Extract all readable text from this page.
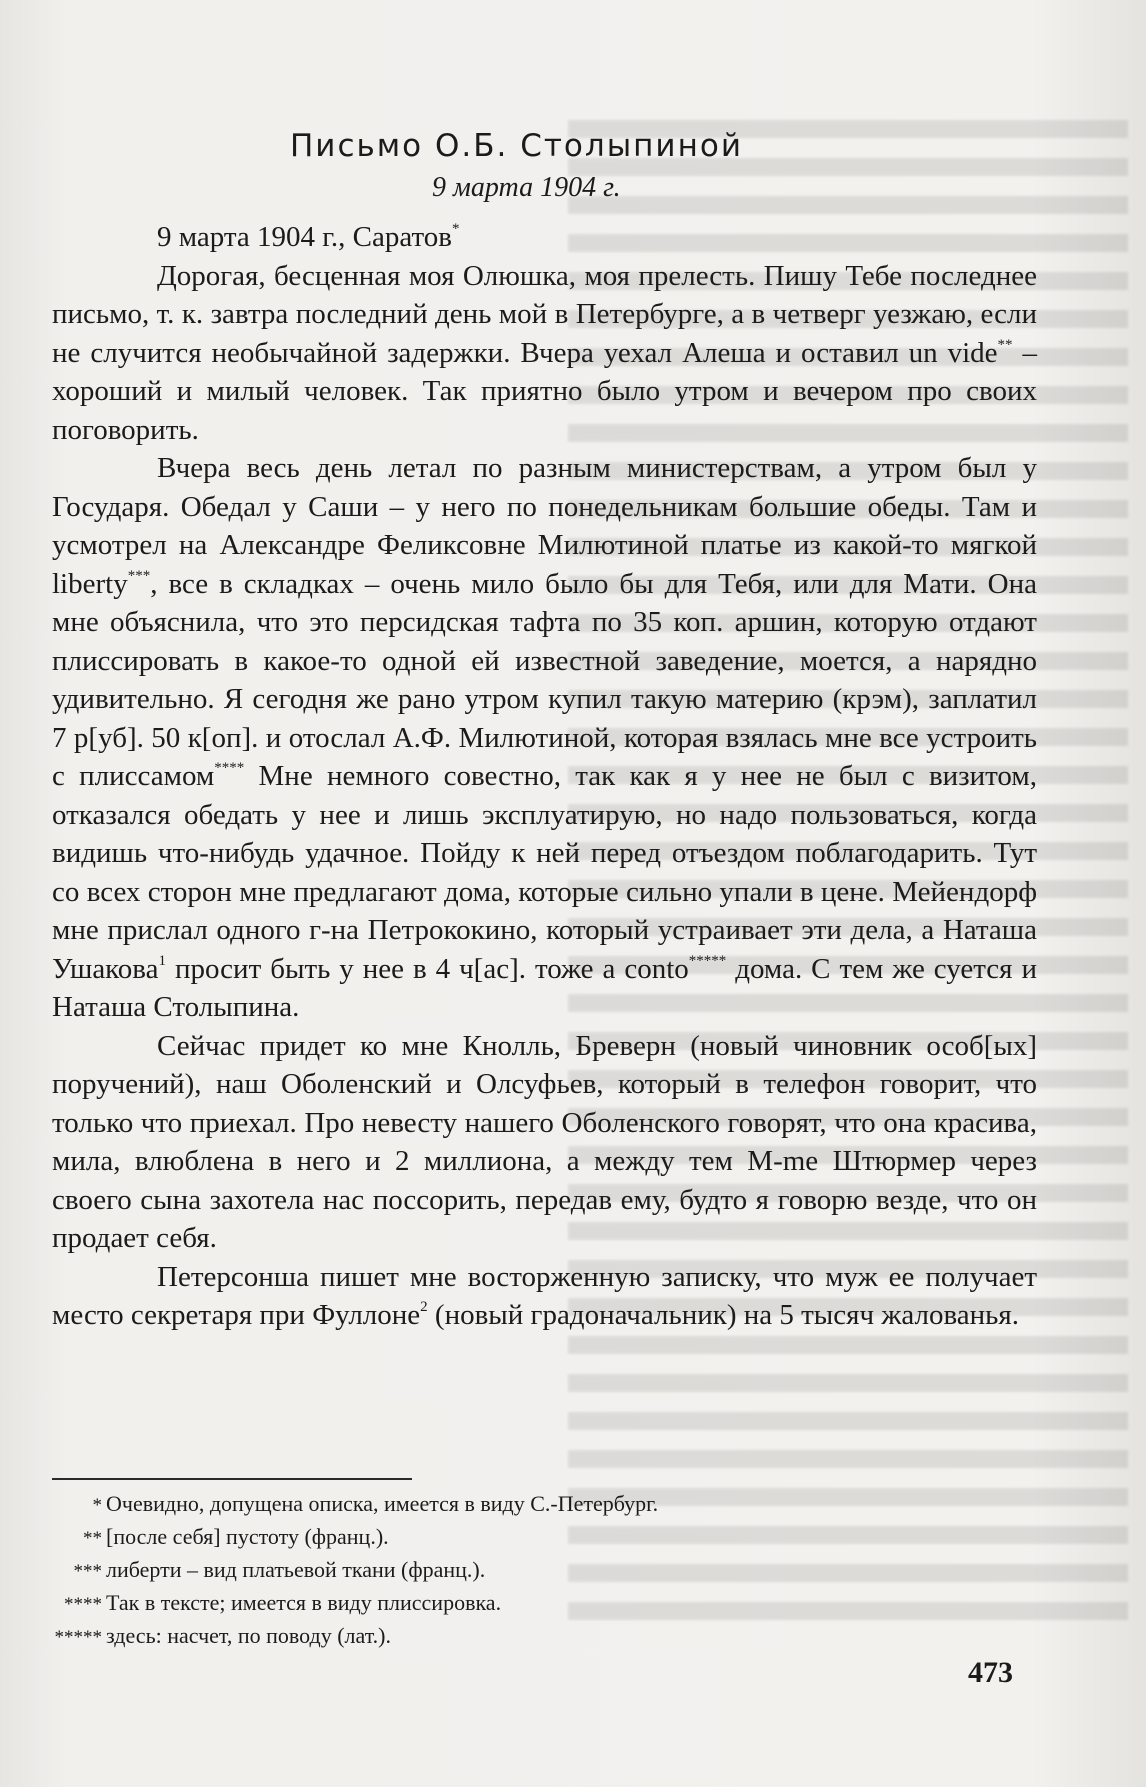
Письмо О.Б. Столыпиной
9 марта 1904 г.

9 марта 1904 г., Саратов*

Дорогая, бесценная моя Олюшка, моя прелесть. Пишу Тебе последнее письмо, т. к. завтра последний день мой в Петербурге, а в четверг уезжаю, если не случится необычайной задержки. Вчера уехал Алеша и оставил un vide** – хороший и милый человек. Так приятно было утром и вечером про своих поговорить.

Вчера весь день летал по разным министерствам, а утром был у Государя. Обедал у Саши – у него по понедельникам большие обеды. Там и усмотрел на Александре Феликсовне Милютиной платье из какой-то мягкой liberty***, все в складках – очень мило было бы для Тебя, или для Мати. Она мне объяснила, что это персидская тафта по 35 коп. аршин, которую отдают плиссировать в какое-то одной ей известной заведение, моется, а нарядно удивительно. Я сегодня же рано утром купил такую материю (крэм), заплатил 7 р[уб]. 50 к[оп]. и отослал А.Ф. Милютиной, которая взялась мне все устроить с плиссамом**** Мне немного совестно, так как я у нее не был с визитом, отказался обедать у нее и лишь эксплуатирую, но надо пользоваться, когда видишь что-нибудь удачное. Пойду к ней перед отъездом поблагодарить. Тут со всех сторон мне предлагают дома, которые сильно упали в цене. Мейендорф мне прислал одного г-на Петрококино, который устраивает эти дела, а Наташа Ушакова$^1$ просит быть у нее в 4 ч[ас]. тоже а conto***** дома. С тем же суется и Наташа Столыпина.

Сейчас придет ко мне Кнолль, Бреверн (новый чиновник особ[ых] поручений), наш Оболенский и Олсуфьев, который в телефон говорит, что только что приехал. Про невесту нашего Оболенского говорят, что она красива, мила, влюблена в него и 2 миллиона, а между тем M-me Штюрмер через своего сына захотела нас поссорить, передав ему, будто я говорю везде, что он продает себя.

Петерсонша пишет мне восторженную записку, что муж ее получает место секретаря при Фуллоне$^2$ (новый градоначальник) на 5 тысяч жалованья.

* Очевидно, допущена описка, имеется в виду С.-Петербург.
** [после себя] пустоту (франц.).
*** либерти – вид платьевой ткани (франц.).
**** Так в тексте; имеется в виду плиссировка.
***** здесь: насчет, по поводу (лат.).
473
